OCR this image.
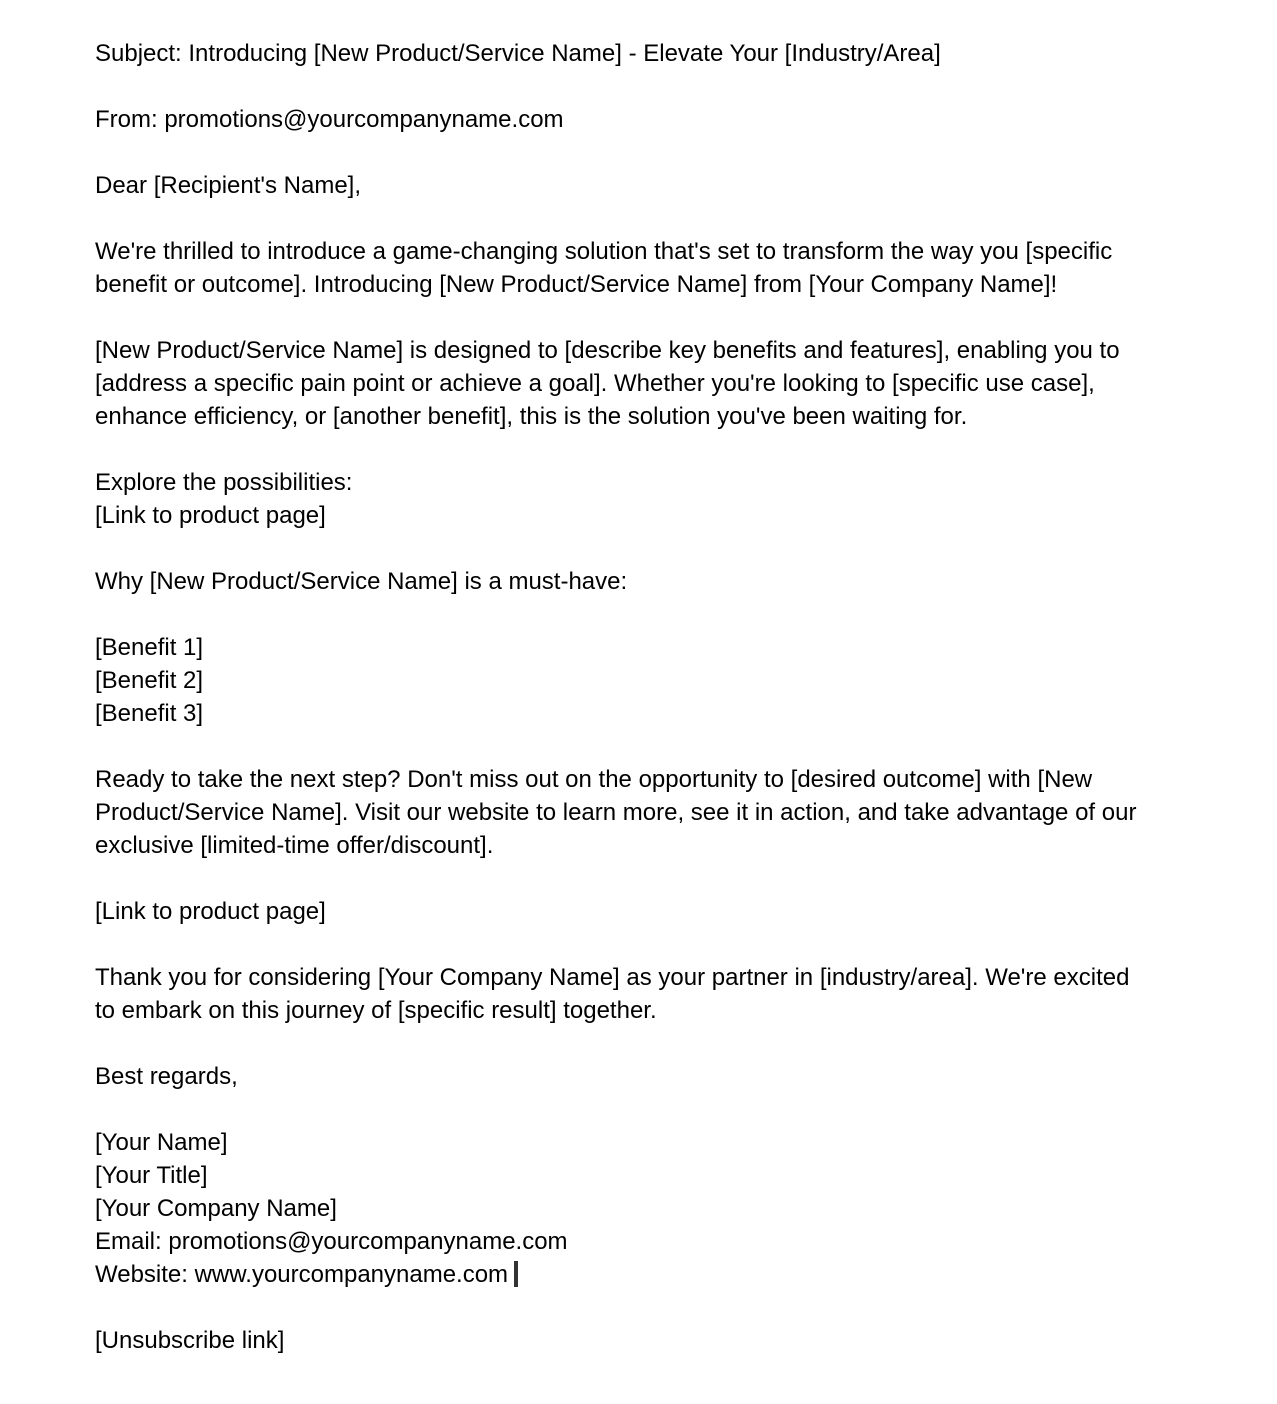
Subject: Introducing [New Product/Service Name] - Elevate Your [Industry/Area]
From: promotions@yourcompanyname.com
Dear [Recipient's Name],
We're thrilled to introduce a game-changing solution that's set to transform the way you [specific
benefit or outcome]. Introducing [New Product/Service Name] from [Your Company Name]!
[New Product/Service Name] is designed to [describe key benefits and features], enabling you to
[address a specific pain point or achieve a goal]. Whether you're looking to [specific use case],
enhance efficiency, or [another benefit], this is the solution you've been waiting for.
Explore the possibilities:
[Link to product page]
Why [New Product/Service Name] is a must-have:
[Benefit 1]
[Benefit 2]
[Benefit 3]
Ready to take the next step? Don't miss out on the opportunity to [desired outcome] with [New
Product/Service Name]. Visit our website to learn more, see it in action, and take advantage of our
exclusive [limited-time offer/discount].
[Link to product page]
Thank you for considering [Your Company Name] as your partner in [industry/area]. We're excited
to embark on this journey of [specific result] together.
Best regards,
[Your Name]
[Your Title]
[Your Company Name]
Email: promotions@yourcompanyname.com
Website: www.yourcompanyname.com
[Unsubscribe link]
